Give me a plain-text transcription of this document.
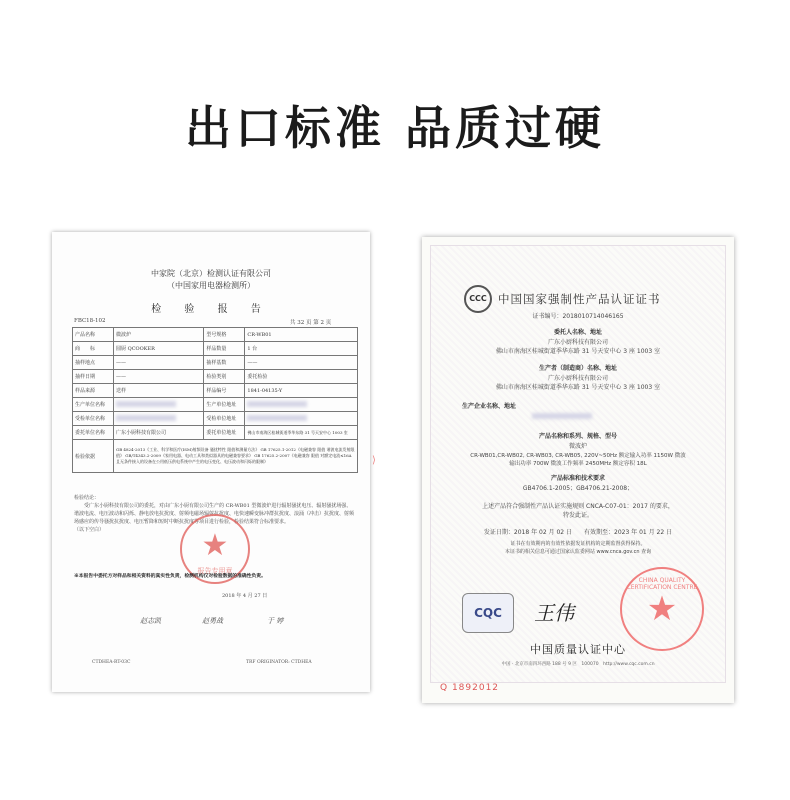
出口标准 品质过硬
中家院（北京）检测认证有限公司
（中国家用电器检测所）
检 验 报 告
FBC18-102	共 32 页 第 2 页
产品名称	微波炉	型号规格	CR-WB01
商　　标	圆厨 QCOOKER	样品数量	1 台
抽样地点	——	抽样基数	——
抽样日期	——	检验类别	委托检验
样品来源	送样	样品编号	1841-04135-Y
生产单位名称		生产单位地址	
受检单位名称		受检单位地址	
委托单位名称	广东小厨科技有限公司	委托单位地址	佛山市南海区桂城街道季华东路 31 号天安中心 1003 室
检验依据	GB 4824-2013《工业、科学和医疗(ISM)射频设备 骚扰特性 限值和测量方法》 GB 17625.1-2012《电磁兼容 限值 谐波电流发射限值》 GB/T4343.2-2009《家用电器、电动工具和类似器具的电磁兼容要求》 GB 17625.2-2007《电磁兼容 限值 对额定电流≤16A 且无条件接入的设备在公用低压供电系统中产生的电压变化、电压波动和闪烁的限制》		
检验结论：
受广东小厨科技有限公司的委托，对由广东小厨有限公司生产的 CR-WB01 型微波炉进行辐射骚扰电压、辐射骚扰场强、谐波电流、电压波动和闪烁、静电放电抗扰度、射频电磁场辐射抗扰度、电快速瞬变脉冲群抗扰度、浪涌（冲击）抗扰度、射频场感应的传导骚扰抗扰度、电压暂降和短时中断抗扰度等项目进行检验，检验结果符合标准要求。
（以下空白）	★
报告专用章
※本报告中委托方对样品和相关资料的真实性负责，检测机构仅对检验数据的准确性负责。
2018 年 4 月 27 日
赵志凯	赵勇战	于 婷
CTDHEA-RT-03C	TRF ORIGINATOR: CTDHEA
⟩
CCC 中国国家强制性产品认证证书
证书编号：2018010714046165
委托人名称、地址
广东小厨科技有限公司
佛山市南海区桂城街道季华东路 31 号天安中心 3 座 1003 室
生产者（制造商）名称、地址
广东小厨科技有限公司
佛山市南海区桂城街道季华东路 31 号天安中心 3 座 1003 室
生产企业名称、地址
产品名称和系列、规格、型号
微波炉
CR-WB01,CR-WB02, CR-WB03, CR-WB05, 220V~50Hz 额定输入功率 1150W 微波
输出功率 700W 微波工作频率 2450MHz 额定容积 18L
产品标准和技术要求
GB4706.1-2005；GB4706.21-2008；
上述产品符合强制性产品认证实施规则 CNCA-C07-01：2017 的要求，
特发此证。
发证日期：2018 年 02 月 02 日　　有效期至：2023 年 01 月 22 日
证书在有效期内的有效性依据发证机构的定期监督获得保持。
本证书的相关信息可通过国家认监委网站 www.cnca.gov.cn 查询
CQC	王伟
CHINA QUALITY CERTIFICATION CENTRE
★
中国质量认证中心
中国 · 北京市南四环西路 188 号 9 区　100070　http://www.cqc.com.cn
Q 1892012
